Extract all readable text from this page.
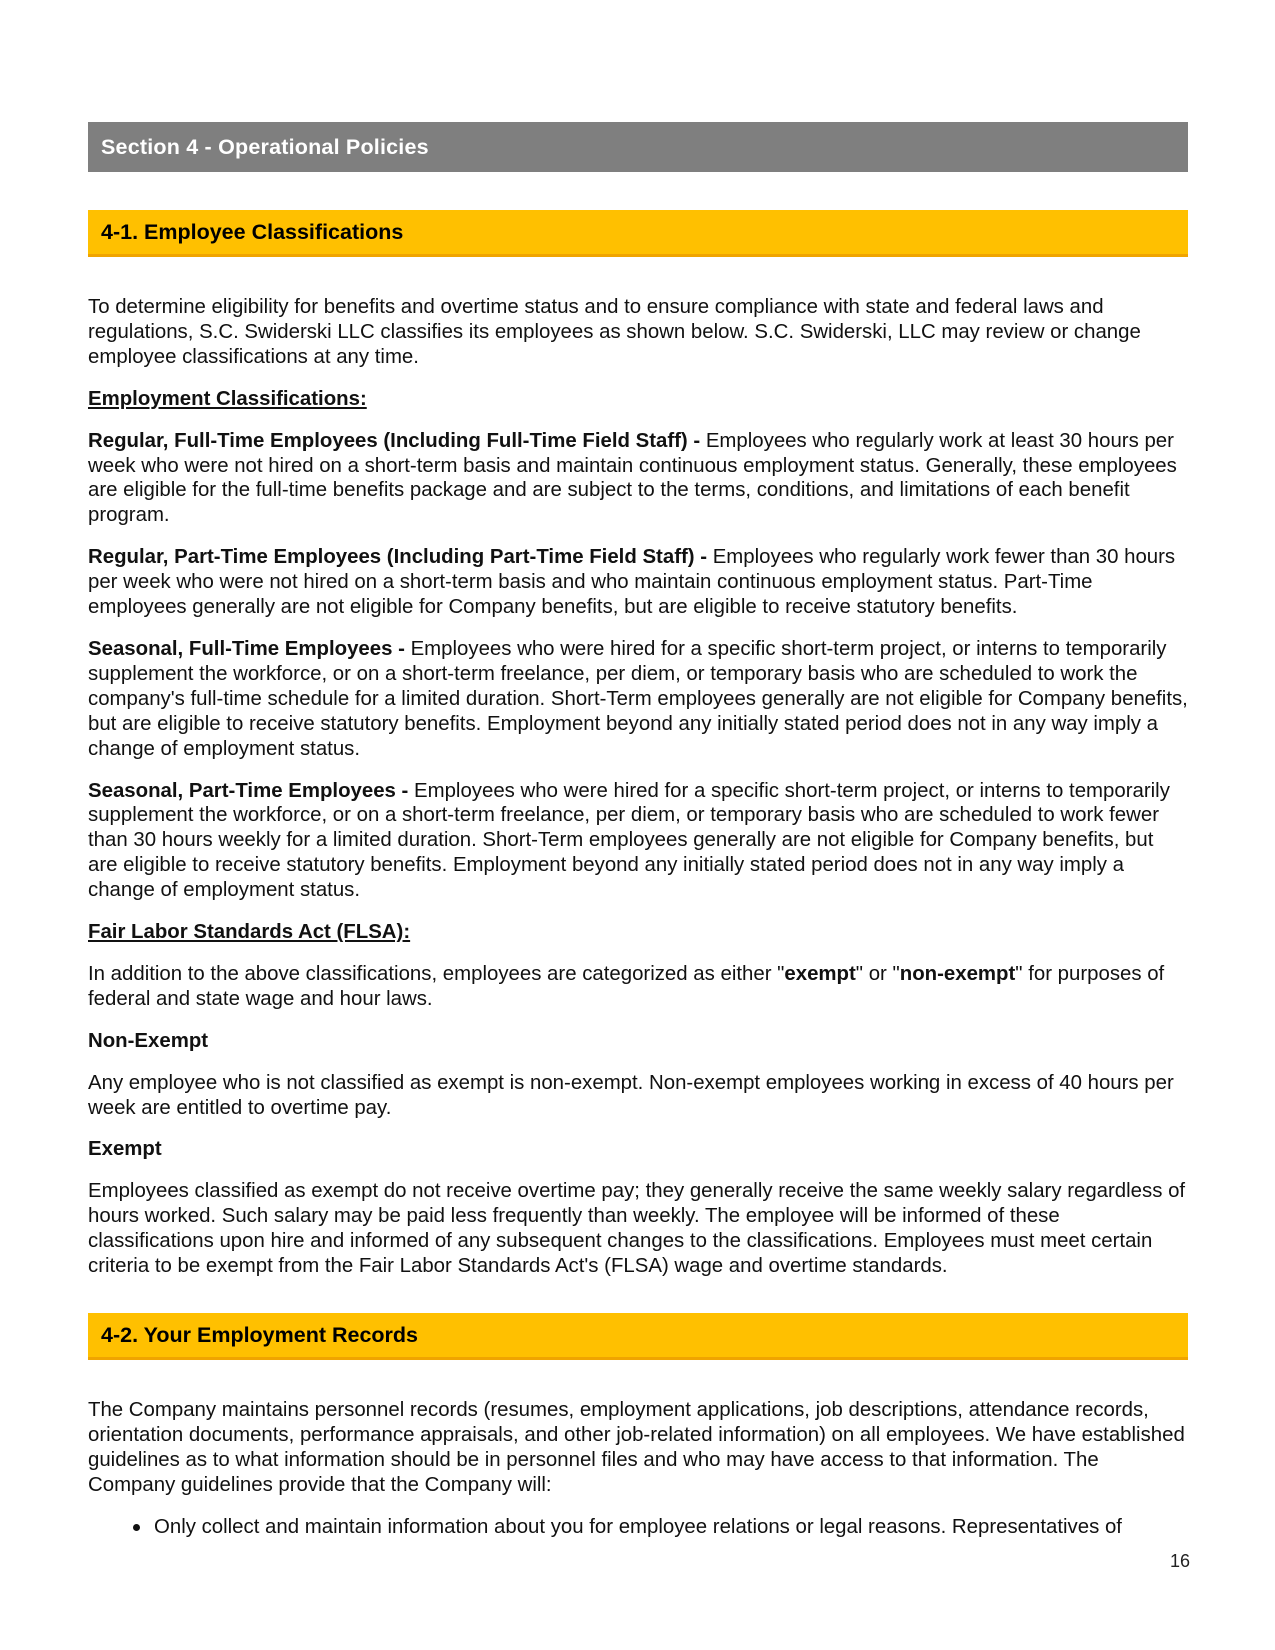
Section 4 - Operational Policies
4-1. Employee Classifications

To determine eligibility for benefits and overtime status and to ensure compliance with state and federal laws and regulations, S.C. Swiderski LLC classifies its employees as shown below. S.C. Swiderski, LLC may review or change employee classifications at any time.

Employment Classifications:

Regular, Full-Time Employees (Including Full-Time Field Staff) - Employees who regularly work at least 30 hours per week who were not hired on a short-term basis and maintain continuous employment status. Generally, these employees are eligible for the full-time benefits package and are subject to the terms, conditions, and limitations of each benefit program.

Regular, Part-Time Employees (Including Part-Time Field Staff) - Employees who regularly work fewer than 30 hours per week who were not hired on a short-term basis and who maintain continuous employment status. Part-Time employees generally are not eligible for Company benefits, but are eligible to receive statutory benefits.

Seasonal, Full-Time Employees - Employees who were hired for a specific short-term project, or interns to temporarily supplement the workforce, or on a short-term freelance, per diem, or temporary basis who are scheduled to work the company's full-time schedule for a limited duration. Short-Term employees generally are not eligible for Company benefits, but are eligible to receive statutory benefits. Employment beyond any initially stated period does not in any way imply a change of employment status.

Seasonal, Part-Time Employees - Employees who were hired for a specific short-term project, or interns to temporarily supplement the workforce, or on a short-term freelance, per diem, or temporary basis who are scheduled to work fewer than 30 hours weekly for a limited duration. Short-Term employees generally are not eligible for Company benefits, but are eligible to receive statutory benefits. Employment beyond any initially stated period does not in any way imply a change of employment status.

Fair Labor Standards Act (FLSA):

In addition to the above classifications, employees are categorized as either "exempt" or "non-exempt" for purposes of federal and state wage and hour laws.

Non-Exempt

Any employee who is not classified as exempt is non-exempt. Non-exempt employees working in excess of 40 hours per week are entitled to overtime pay.

Exempt

Employees classified as exempt do not receive overtime pay; they generally receive the same weekly salary regardless of hours worked. Such salary may be paid less frequently than weekly. The employee will be informed of these classifications upon hire and informed of any subsequent changes to the classifications. Employees must meet certain criteria to be exempt from the Fair Labor Standards Act's (FLSA) wage and overtime standards.

4-2. Your Employment Records

The Company maintains personnel records (resumes, employment applications, job descriptions, attendance records, orientation documents, performance appraisals, and other job-related information) on all employees. We have established guidelines as to what information should be in personnel files and who may have access to that information. The Company guidelines provide that the Company will:

Only collect and maintain information about you for employee relations or legal reasons. Representatives of
16
